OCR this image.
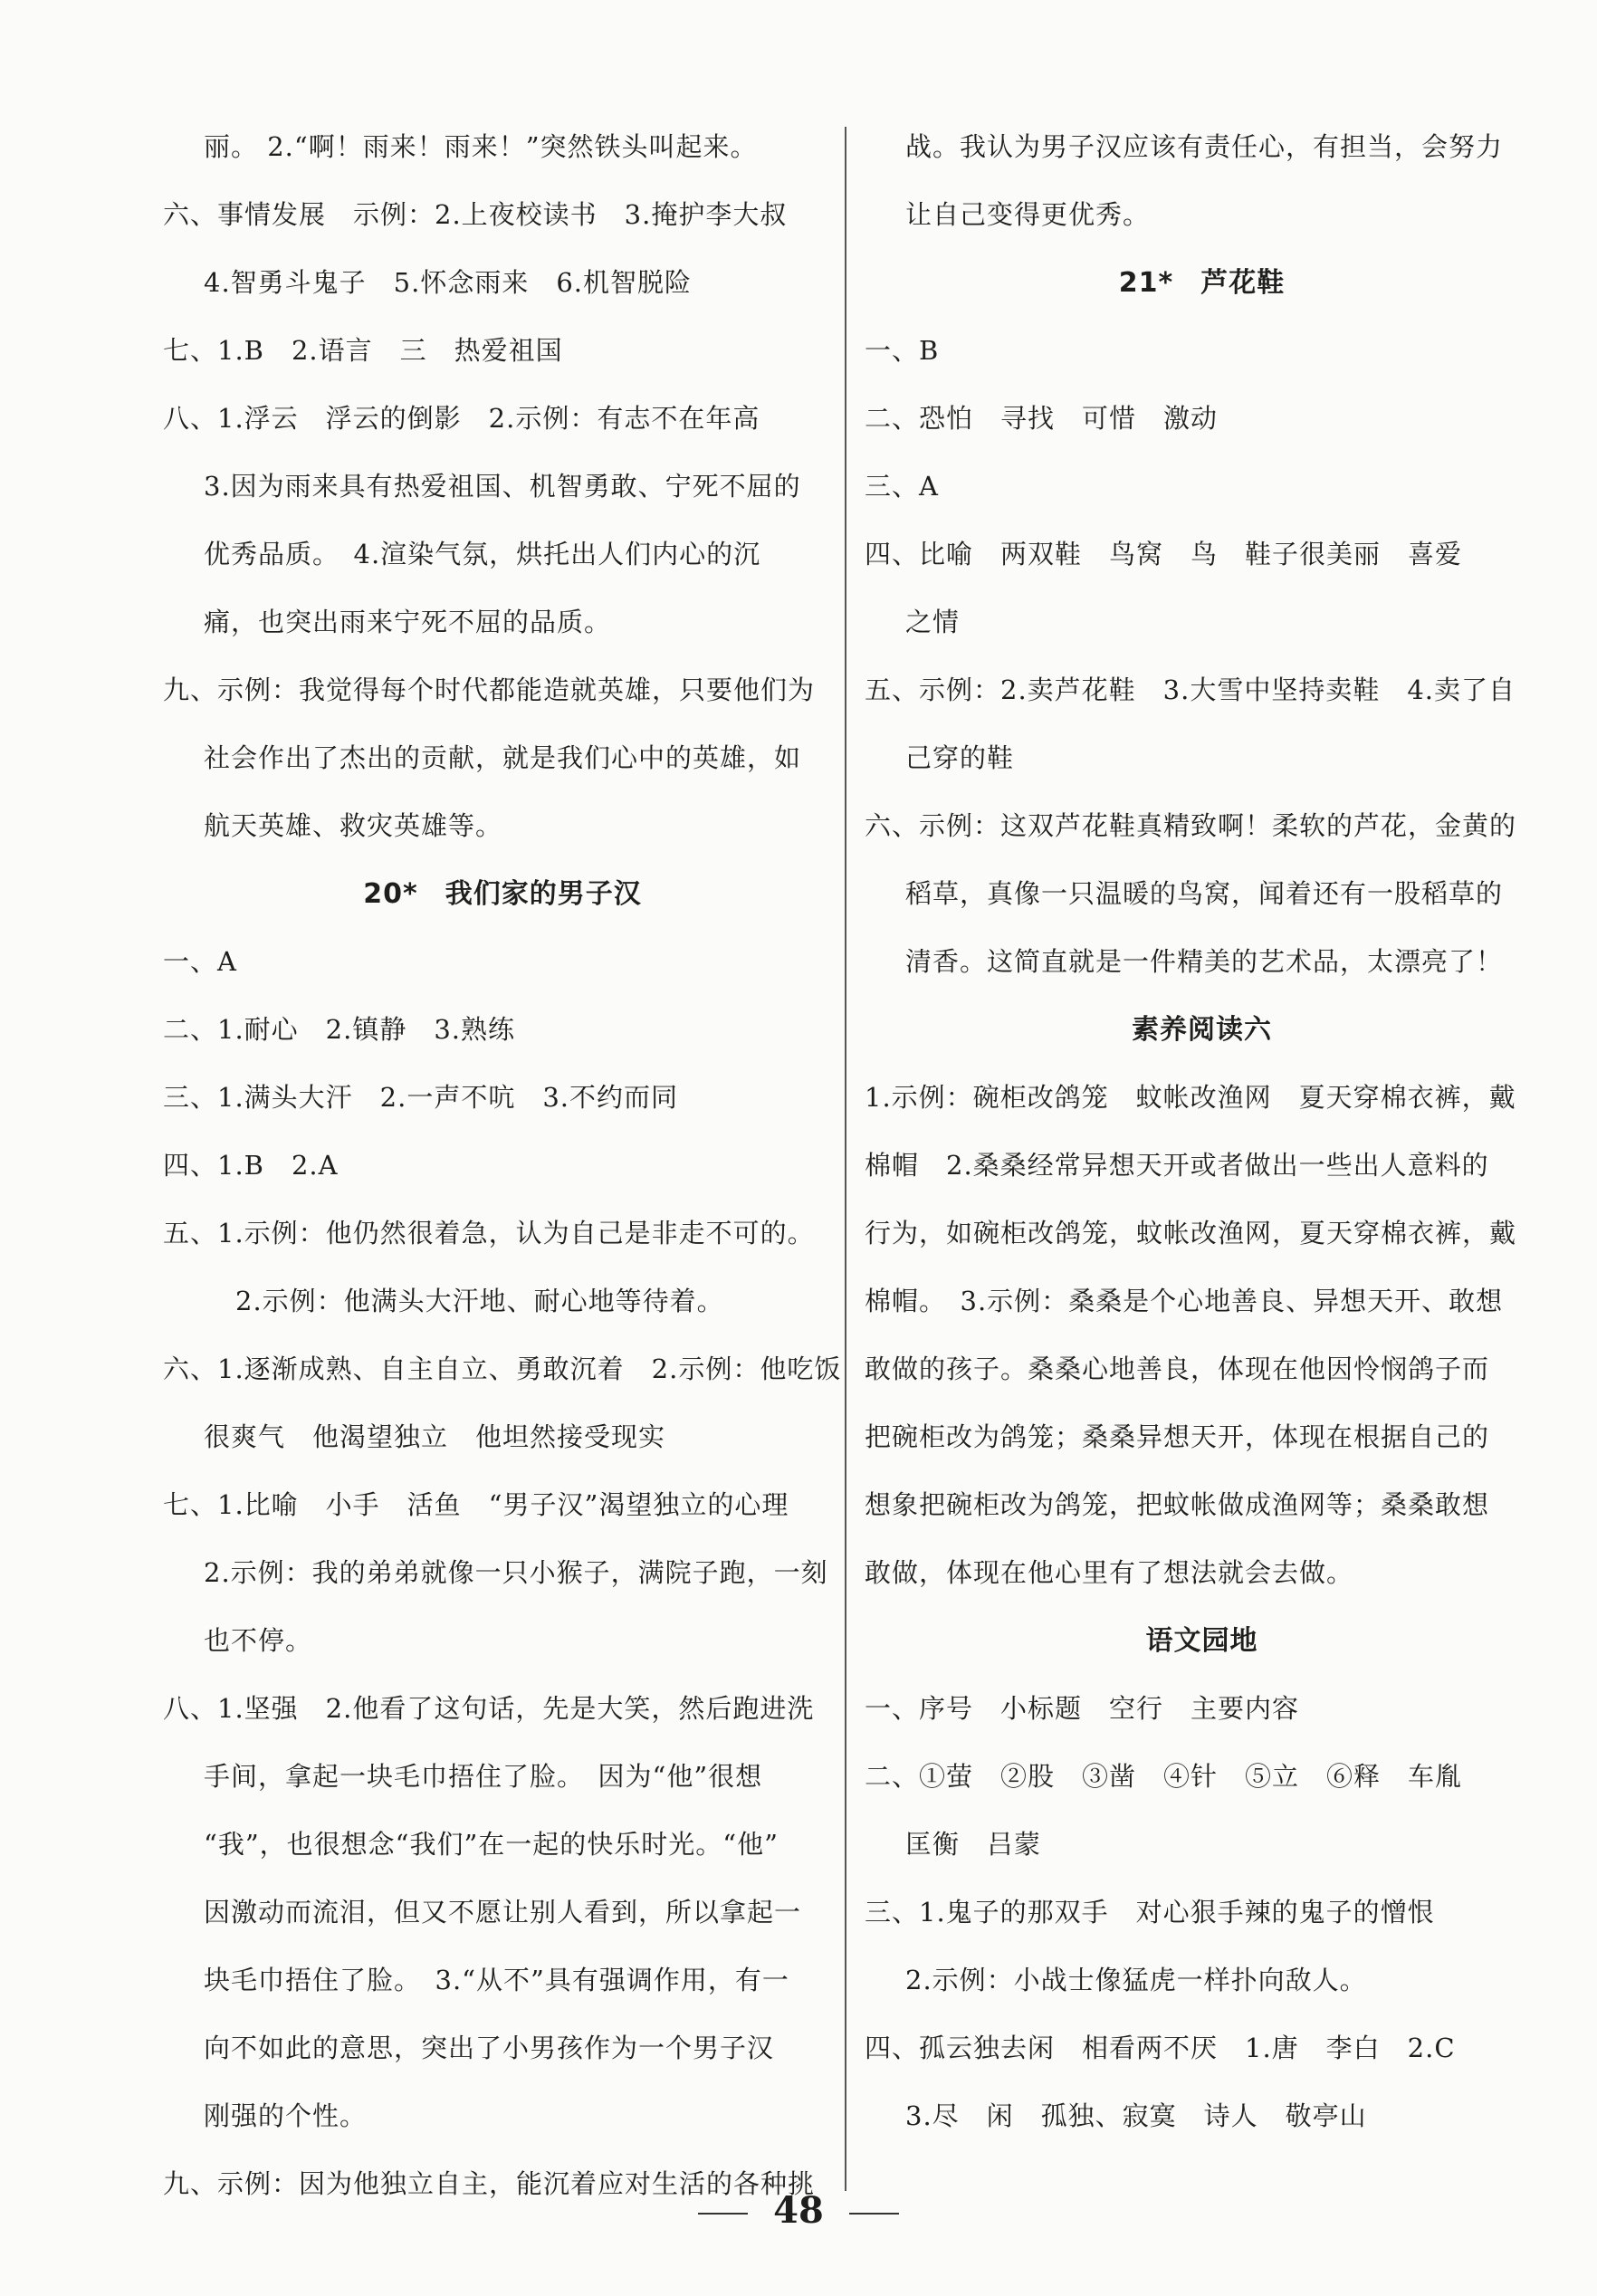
丽。 2.“啊！雨来！雨来！”突然铁头叫起来。
六、事情发展　示例：2.上夜校读书　3.掩护李大叔
4.智勇斗鬼子　5.怀念雨来　6.机智脱险
七、1.B　2.语言　三　热爱祖国
八、1.浮云　浮云的倒影　2.示例：有志不在年高
3.因为雨来具有热爱祖国、机智勇敢、宁死不屈的
优秀品质。　4.渲染气氛，烘托出人们内心的沉
痛，也突出雨来宁死不屈的品质。
九、示例：我觉得每个时代都能造就英雄，只要他们为
社会作出了杰出的贡献，就是我们心中的英雄，如
航天英雄、救灾英雄等。
20* 我们家的男子汉
一、A
二、1.耐心　2.镇静　3.熟练
三、1.满头大汗　2.一声不吭　3.不约而同
四、1.B　2.A
五、1.示例：他仍然很着急，认为自己是非走不可的。
2.示例：他满头大汗地、耐心地等待着。
六、1.逐渐成熟、自主自立、勇敢沉着　2.示例：他吃饭
很爽气　他渴望独立　他坦然接受现实
七、1.比喻　小手　活鱼　“男子汉”渴望独立的心理
2.示例：我的弟弟就像一只小猴子，满院子跑，一刻
也不停。
八、1.坚强　2.他看了这句话，先是大笑，然后跑进洗
手间，拿起一块毛巾捂住了脸。　因为“他”很想
“我”，也很想念“我们”在一起的快乐时光。“他”
因激动而流泪，但又不愿让别人看到，所以拿起一
块毛巾捂住了脸。　3.“从不”具有强调作用，有一
向不如此的意思，突出了小男孩作为一个男子汉
刚强的个性。
九、示例：因为他独立自主，能沉着应对生活的各种挑
战。我认为男子汉应该有责任心，有担当，会努力
让自己变得更优秀。
21* 芦花鞋
一、B
二、恐怕　寻找　可惜　激动
三、A
四、比喻　两双鞋　鸟窝　鸟　鞋子很美丽　喜爱
之情
五、示例：2.卖芦花鞋　3.大雪中坚持卖鞋　4.卖了自
己穿的鞋
六、示例：这双芦花鞋真精致啊！柔软的芦花，金黄的
稻草，真像一只温暖的鸟窝，闻着还有一股稻草的
清香。这简直就是一件精美的艺术品，太漂亮了！
素养阅读六
1.示例：碗柜改鸽笼　蚊帐改渔网　夏天穿棉衣裤，戴
棉帽　2.桑桑经常异想天开或者做出一些出人意料的
行为，如碗柜改鸽笼，蚊帐改渔网，夏天穿棉衣裤，戴
棉帽。　3.示例：桑桑是个心地善良、异想天开、敢想
敢做的孩子。桑桑心地善良，体现在他因怜悯鸽子而
把碗柜改为鸽笼；桑桑异想天开，体现在根据自己的
想象把碗柜改为鸽笼，把蚊帐做成渔网等；桑桑敢想
敢做，体现在他心里有了想法就会去做。
语文园地
一、序号　小标题　空行　主要内容
二、①萤　②股　③凿　④针　⑤立　⑥释　车胤
匡衡　吕蒙
三、1.鬼子的那双手　对心狠手辣的鬼子的憎恨
2.示例：小战士像猛虎一样扑向敌人。
四、孤云独去闲　相看两不厌　1.唐　李白　2.C
3.尽　闲　孤独、寂寞　诗人　敬亭山
48
